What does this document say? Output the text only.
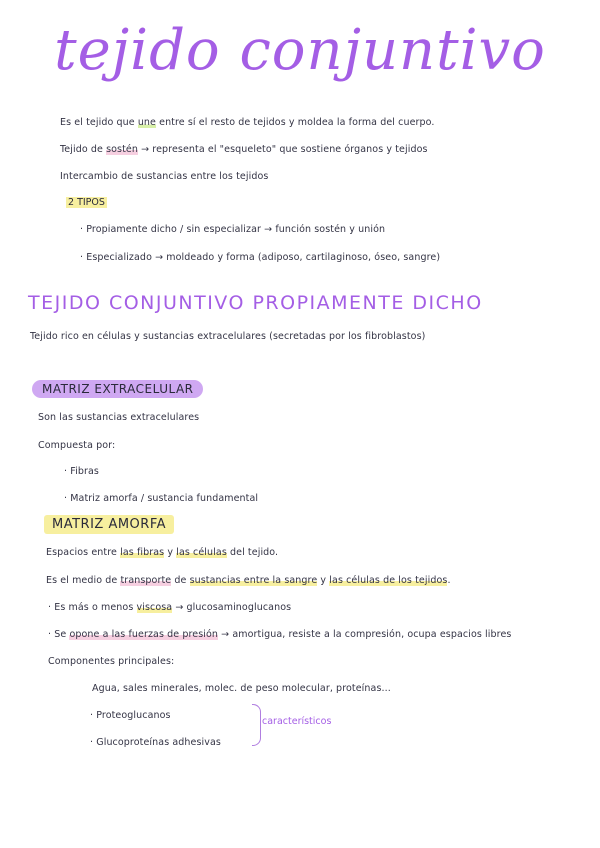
tejido conjuntivo
Es el tejido que une entre sí el resto de tejidos y moldea la forma del cuerpo.
Tejido de sostén → representa el "esqueleto" que sostiene órganos y tejidos
Intercambio de sustancias entre los tejidos
2 TIPOS
· Propiamente dicho / sin especializar → función sostén y unión
· Especializado → moldeado y forma (adiposo, cartilaginoso, óseo, sangre)
TEJIDO CONJUNTIVO PROPIAMENTE DICHO
Tejido rico en células y sustancias extracelulares (secretadas por los fibroblastos)
MATRIZ EXTRACELULAR
Son las sustancias extracelulares
Compuesta por:
· Fibras
· Matriz amorfa / sustancia fundamental
MATRIZ AMORFA
Espacios entre las fibras y las células del tejido.
Es el medio de transporte de sustancias entre la sangre y las células de los tejidos.
· Es más o menos viscosa → glucosaminoglucanos
· Se opone a las fuerzas de presión → amortigua, resiste a la compresión, ocupa espacios libres
Componentes principales:
Agua, sales minerales, molec. de peso molecular, proteínas...
· Proteoglucanos
· Glucoproteínas adhesivas
característicos
